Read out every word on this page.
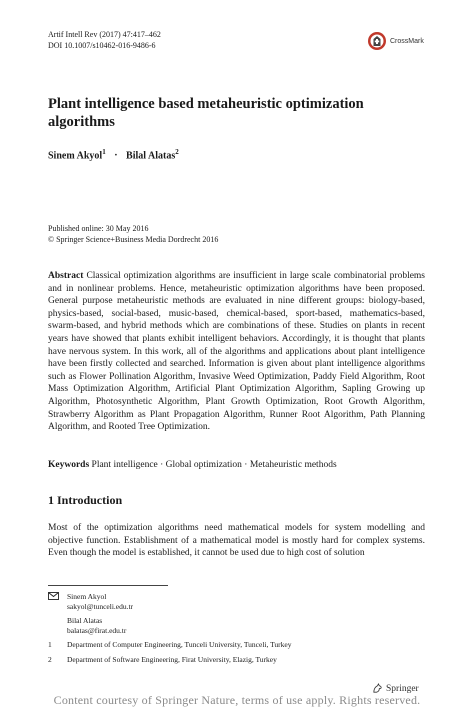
Artif Intell Rev (2017) 47:417–462
DOI 10.1007/s10462-016-9486-6	CrossMark
Plant intelligence based metaheuristic optimization algorithms
Sinem Akyol$^1$ · Bilal Alatas$^2$
Published online: 30 May 2016
© Springer Science+Business Media Dordrecht 2016
Abstract Classical optimization algorithms are insufficient in large scale combinatorial problems and in nonlinear problems. Hence, metaheuristic optimization algorithms have been proposed. General purpose metaheuristic methods are evaluated in nine different groups: biology-based, physics-based, social-based, music-based, chemical-based, sport-based, mathematics-based, swarm-based, and hybrid methods which are combinations of these. Studies on plants in recent years have showed that plants exhibit intelligent behaviors. Accordingly, it is thought that plants have nervous system. In this work, all of the algorithms and applications about plant intelligence have been firstly collected and searched. Information is given about plant intelligence algorithms such as Flower Pollination Algorithm, Invasive Weed Optimization, Paddy Field Algorithm, Root Mass Optimization Algorithm, Artificial Plant Optimization Algorithm, Sapling Growing up Algorithm, Photosynthetic Algorithm, Plant Growth Optimization, Root Growth Algorithm, Strawberry Algorithm as Plant Propagation Algorithm, Runner Root Algorithm, Path Planning Algorithm, and Rooted Tree Optimization.
Keywords Plant intelligence · Global optimization · Metaheuristic methods
1 Introduction
Most of the optimization algorithms need mathematical models for system modelling and objective function. Establishment of a mathematical model is mostly hard for complex systems. Even though the model is established, it cannot be used due to high cost of solution
Sinem Akyol
sakyol@tunceli.edu.tr
Bilal Alatas
balatas@firat.edu.tr
1 Department of Computer Engineering, Tunceli University, Tunceli, Turkey
2 Department of Software Engineering, Firat University, Elazig, Turkey
Springer
Content courtesy of Springer Nature, terms of use apply. Rights reserved.
